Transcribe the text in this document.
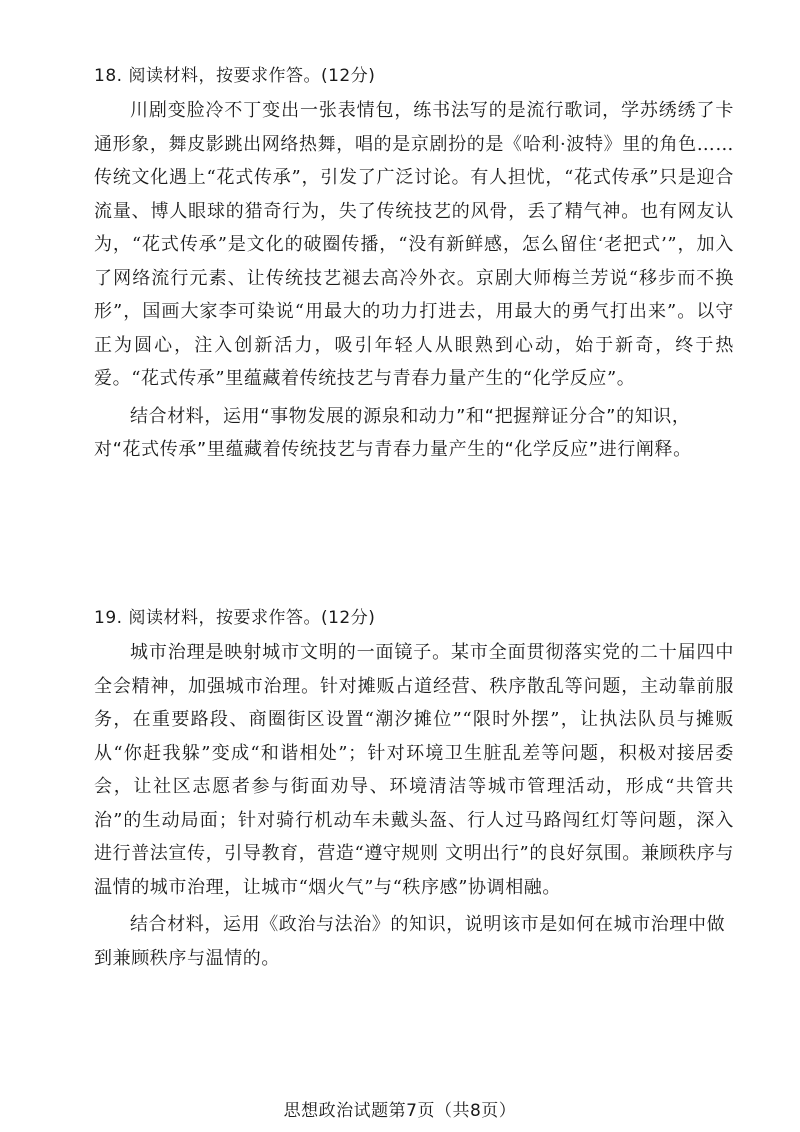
18. 阅读材料，按要求作答。(12分)

川剧变脸冷不丁变出一张表情包，练书法写的是流行歌词，学苏绣绣了卡通形象，舞皮影跳出网络热舞，唱的是京剧扮的是《哈利·波特》里的角色……传统文化遇上“花式传承”，引发了广泛讨论。有人担忧，“花式传承”只是迎合流量、博人眼球的猎奇行为，失了传统技艺的风骨，丢了精气神。也有网友认为，“花式传承”是文化的破圈传播，“没有新鲜感，怎么留住‘老把式’”，加入了网络流行元素、让传统技艺褪去高冷外衣。京剧大师梅兰芳说“移步而不换形”，国画大家李可染说“用最大的功力打进去，用最大的勇气打出来”。以守正为圆心，注入创新活力，吸引年轻人从眼熟到心动，始于新奇，终于热爱。“花式传承”里蕴藏着传统技艺与青春力量产生的“化学反应”。

结合材料，运用“事物发展的源泉和动力”和“把握辩证分合”的知识，对“花式传承”里蕴藏着传统技艺与青春力量产生的“化学反应”进行阐释。

19. 阅读材料，按要求作答。(12分)

城市治理是映射城市文明的一面镜子。某市全面贯彻落实党的二十届四中全会精神，加强城市治理。针对摊贩占道经营、秩序散乱等问题，主动靠前服务，在重要路段、商圈街区设置“潮汐摊位”“限时外摆”，让执法队员与摊贩从“你赶我躲”变成“和谐相处”；针对环境卫生脏乱差等问题，积极对接居委会，让社区志愿者参与街面劝导、环境清洁等城市管理活动，形成“共管共治”的生动局面；针对骑行机动车未戴头盔、行人过马路闯红灯等问题，深入进行普法宣传，引导教育，营造“遵守规则 文明出行”的良好氛围。兼顾秩序与温情的城市治理，让城市“烟火气”与“秩序感”协调相融。

结合材料，运用《政治与法治》的知识，说明该市是如何在城市治理中做到兼顾秩序与温情的。

思想政治试题第7页（共8页）
